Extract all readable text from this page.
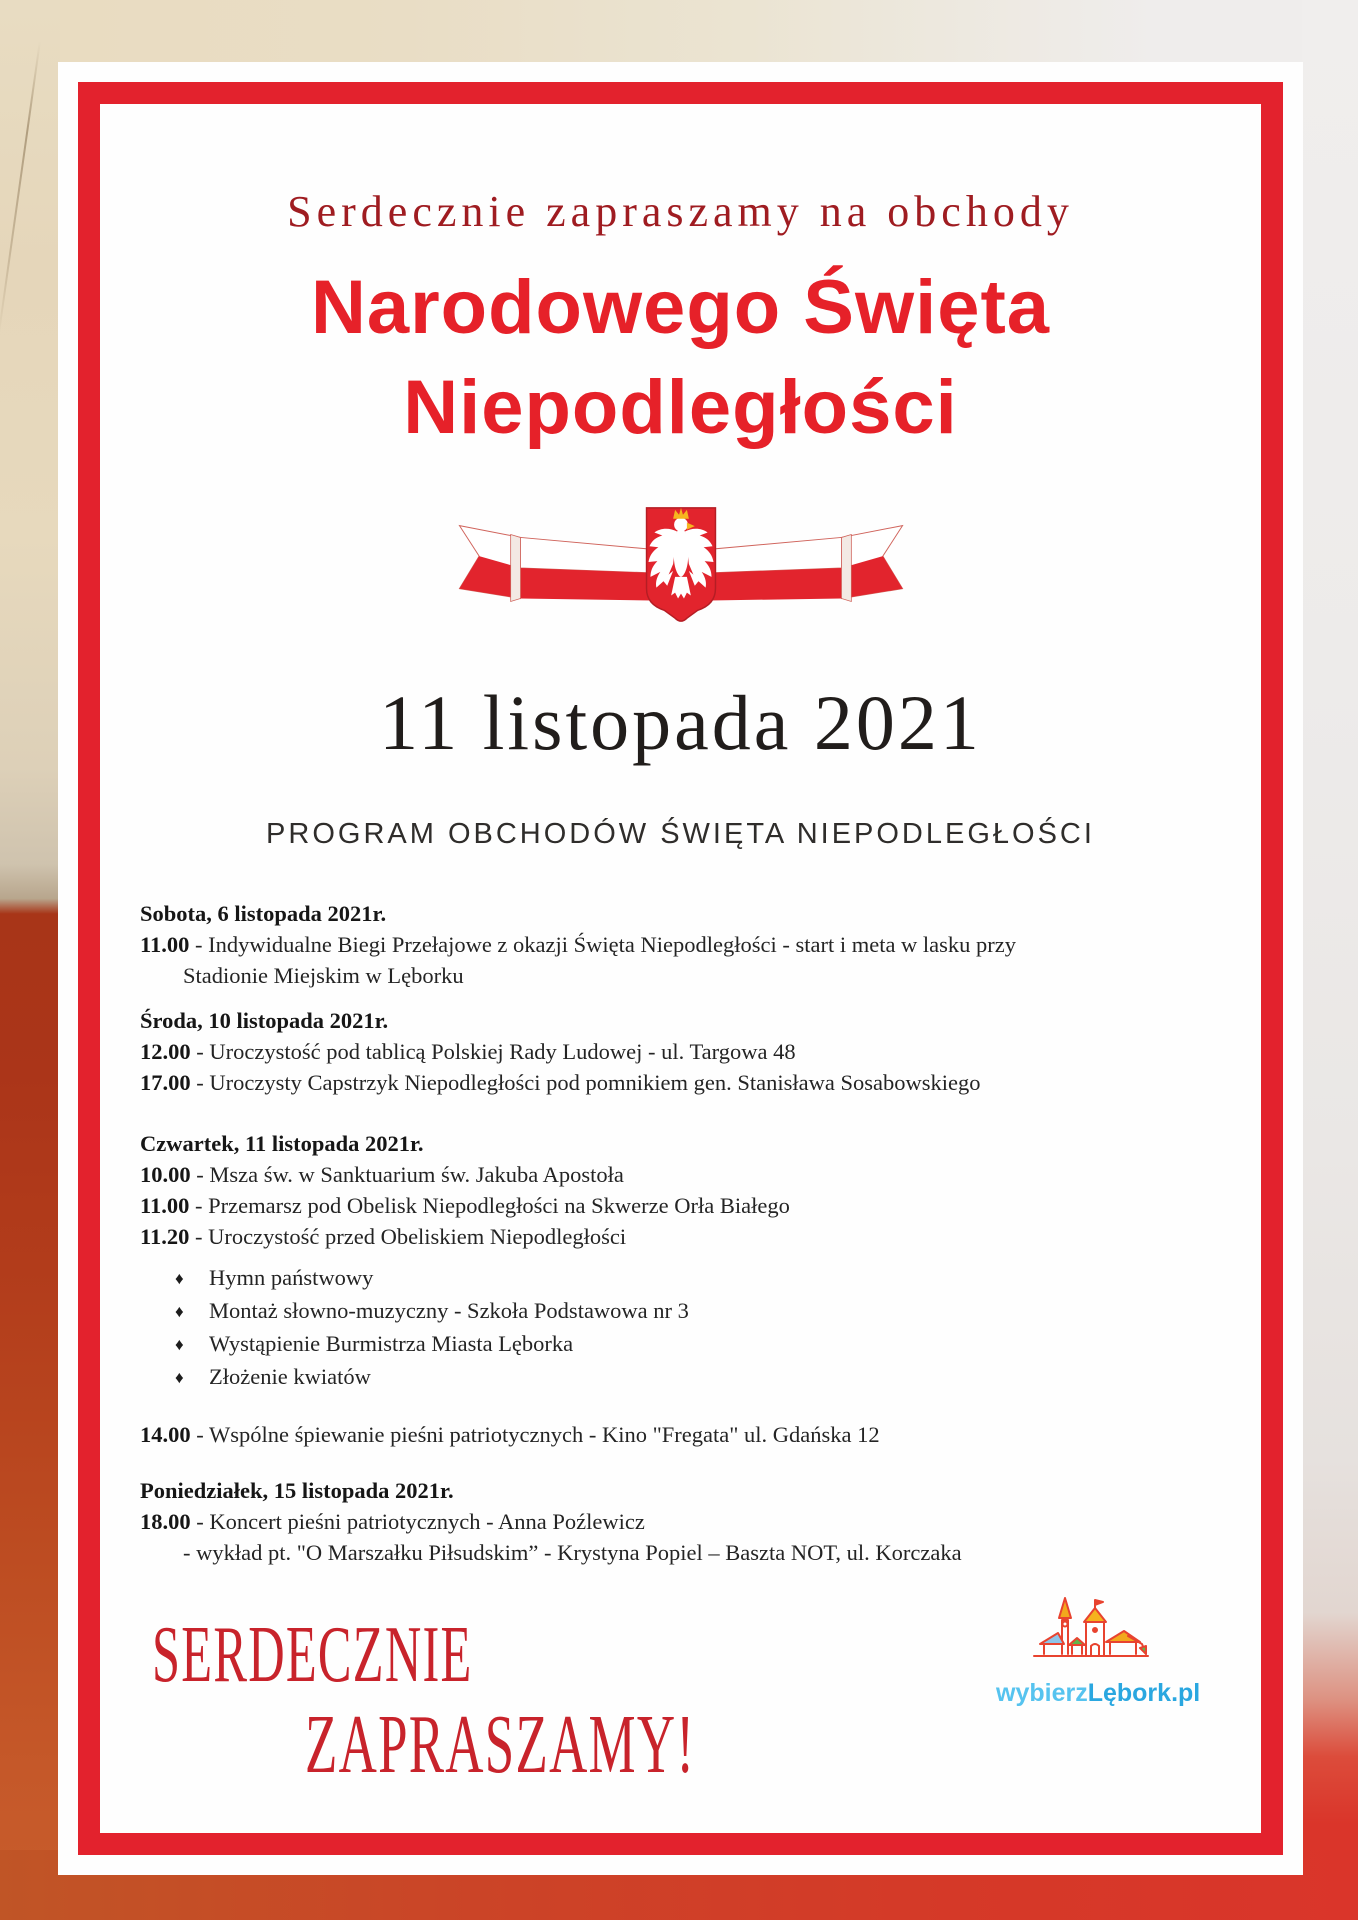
Serdecznie zapraszamy na obchody
Narodowego Święta
Niepodległości
11 listopada 2021
PROGRAM OBCHODÓW ŚWIĘTA NIEPODLEGŁOŚCI
Sobota, 6 listopada 2021r.
11.00 - Indywidualne Biegi Przełajowe z okazji Święta Niepodległości - start i meta w lasku przy
Stadionie Miejskim w Lęborku
Środa, 10 listopada 2021r.
12.00 - Uroczystość pod tablicą Polskiej Rady Ludowej - ul. Targowa 48
17.00 - Uroczysty Capstrzyk Niepodległości pod pomnikiem gen. Stanisława Sosabowskiego
Czwartek, 11 listopada 2021r.
10.00 - Msza św. w Sanktuarium św. Jakuba Apostoła
11.00 - Przemarsz pod Obelisk Niepodległości na Skwerze Orła Białego
11.20 - Uroczystość przed Obeliskiem Niepodległości
♦ Hymn państwowy
♦ Montaż słowno-muzyczny - Szkoła Podstawowa nr 3
♦ Wystąpienie Burmistrza Miasta Lęborka
♦ Złożenie kwiatów
14.00 - Wspólne śpiewanie pieśni patriotycznych - Kino "Fregata" ul. Gdańska 12
Poniedziałek, 15 listopada 2021r.
18.00 - Koncert pieśni patriotycznych - Anna Poźlewicz
- wykład pt. "O Marszałku Piłsudskim” - Krystyna Popiel – Baszta NOT, ul. Korczaka
SERDECZNIE
ZAPRASZAMY!
wybierzLębork.pl
